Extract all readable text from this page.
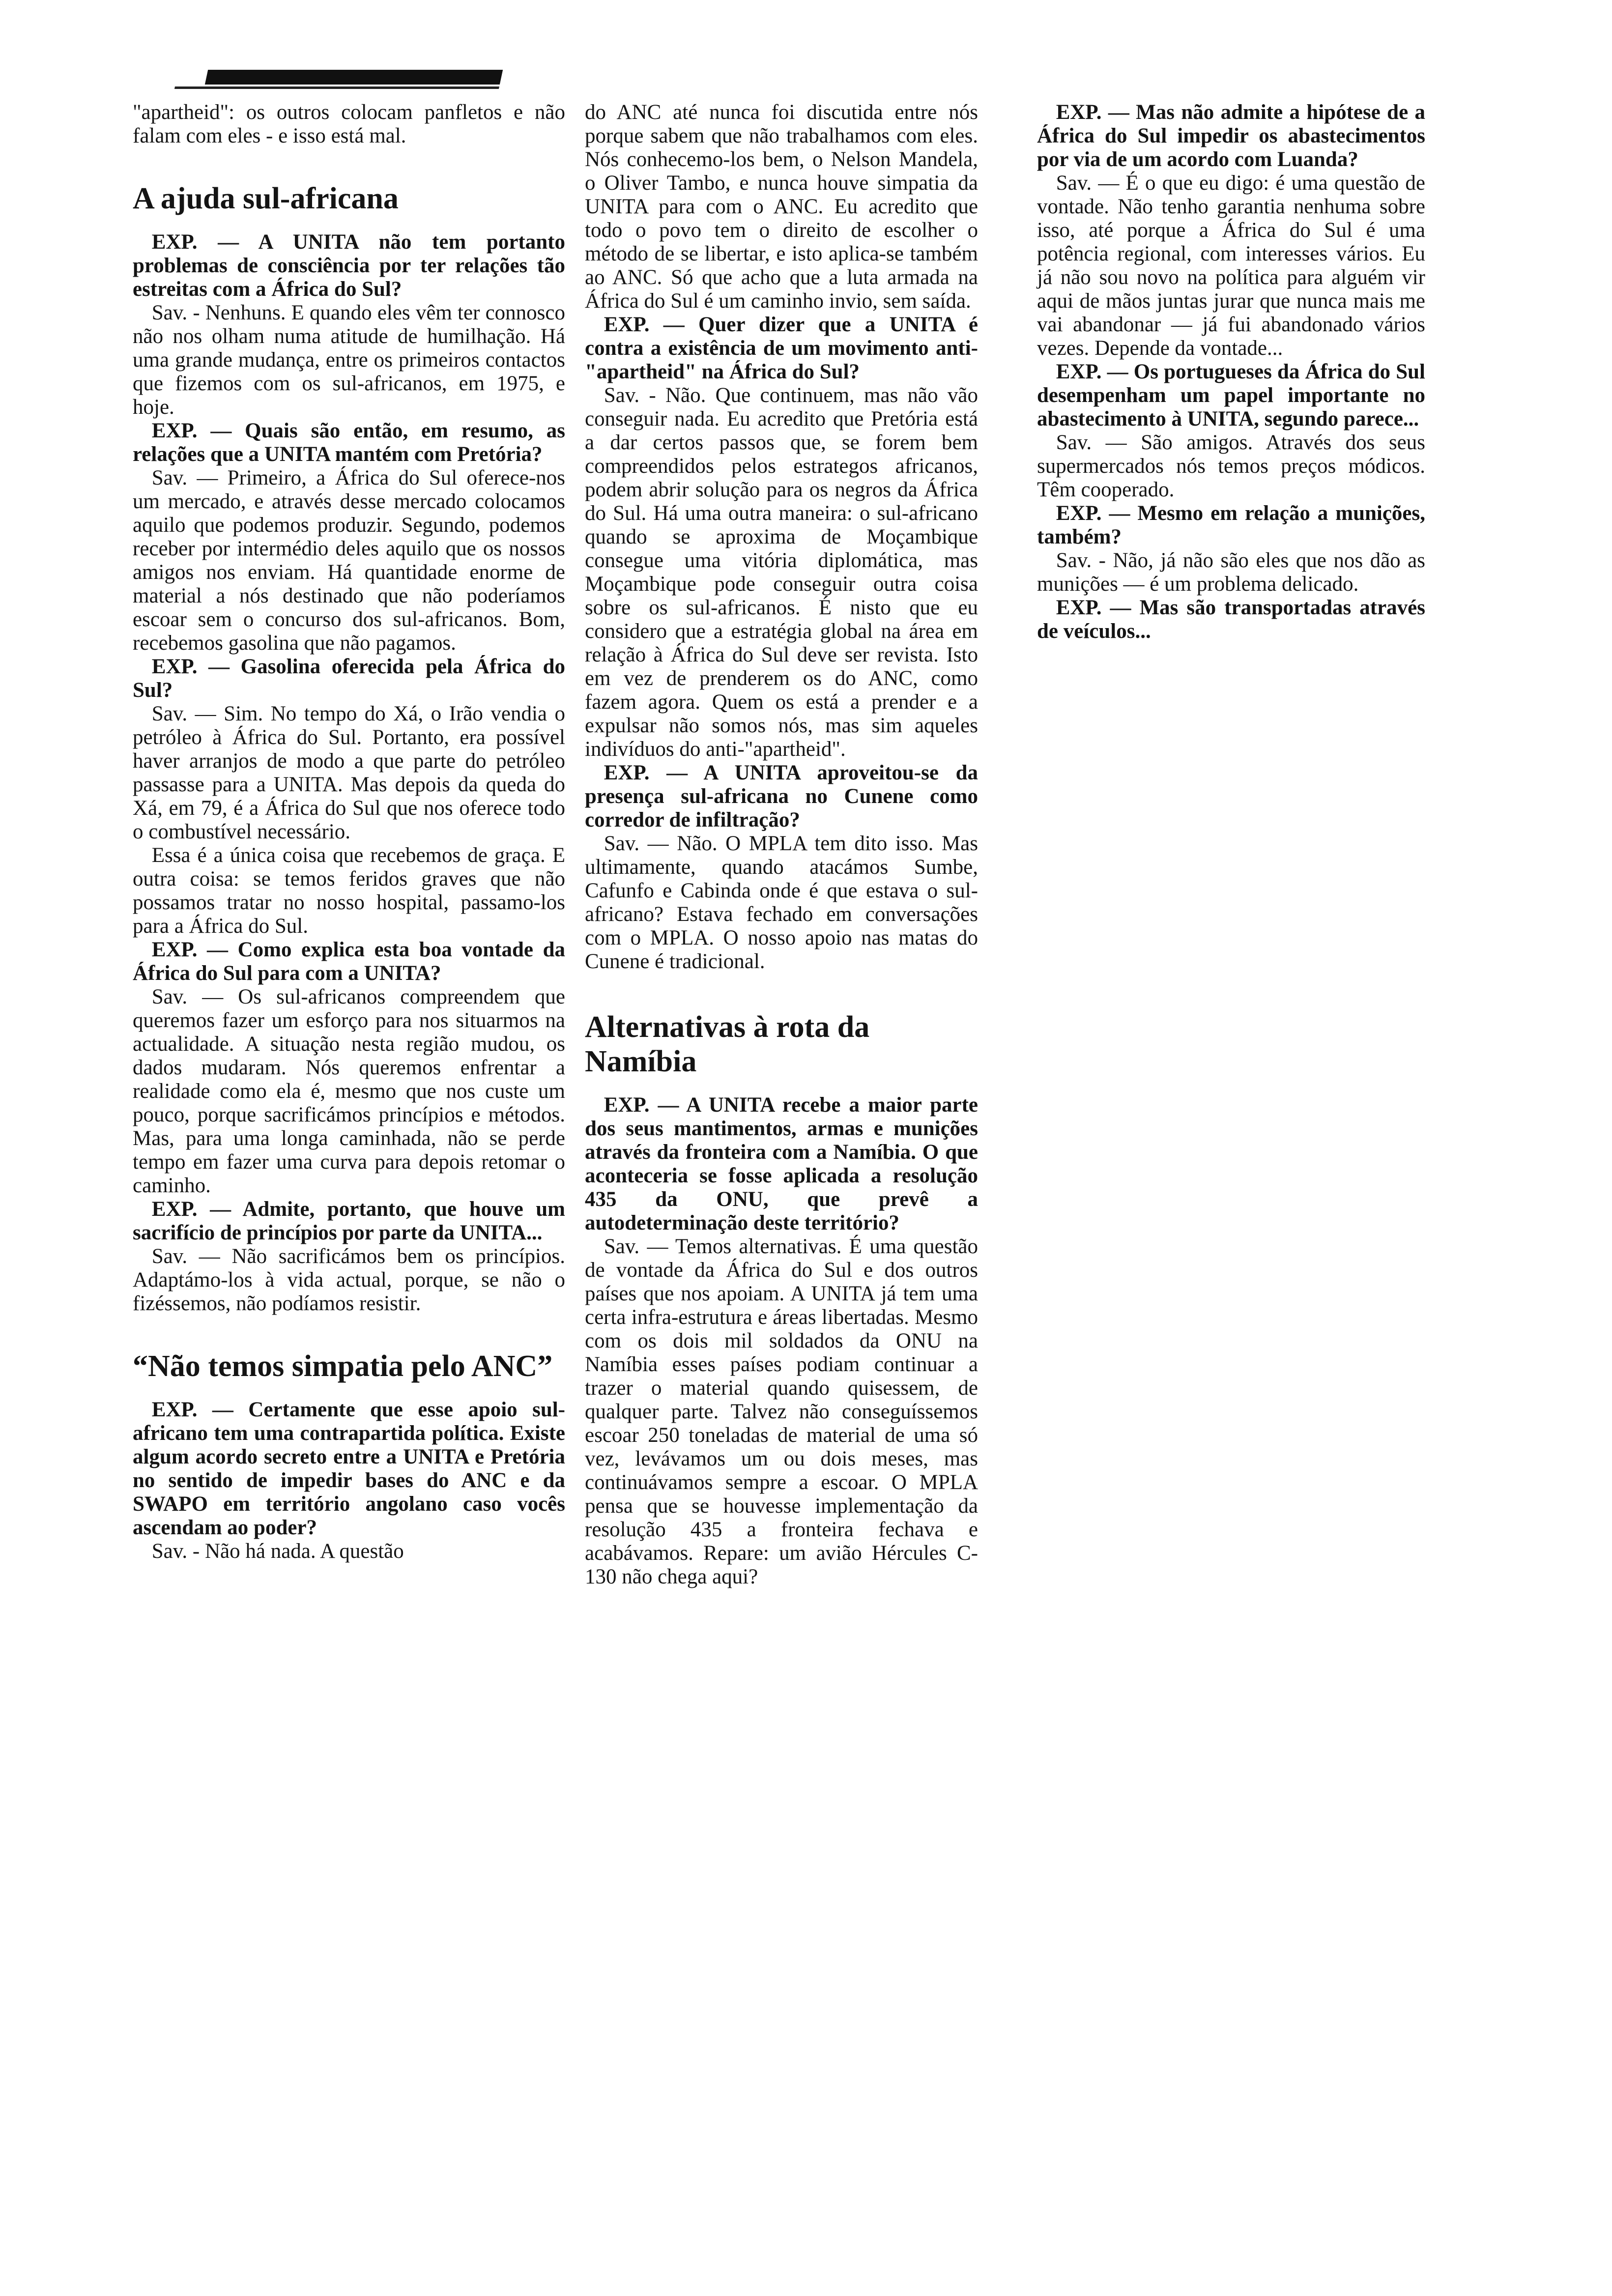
"apartheid": os outros colocam panfletos e não falam com eles - e isso está mal.

A ajuda sul-africana

EXP. — A UNITA não tem portanto problemas de consciência por ter relações tão estreitas com a África do Sul?

Sav. - Nenhuns. E quando eles vêm ter connosco não nos olham numa atitude de humilhação. Há uma grande mudança, entre os primeiros contactos que fizemos com os sul-africanos, em 1975, e hoje.

EXP. — Quais são então, em resumo, as relações que a UNITA mantém com Pretória?

Sav. — Primeiro, a África do Sul oferece-nos um mercado, e através desse mercado colocamos aquilo que podemos produzir. Segundo, podemos receber por intermédio deles aquilo que os nossos amigos nos enviam. Há quantidade enorme de material a nós destinado que não poderíamos escoar sem o concurso dos sul-africanos. Bom, recebemos gasolina que não pagamos.

EXP. — Gasolina oferecida pela África do Sul?

Sav. — Sim. No tempo do Xá, o Irão vendia o petróleo à África do Sul. Portanto, era possível haver arranjos de modo a que parte do petróleo passasse para a UNITA. Mas depois da queda do Xá, em 79, é a África do Sul que nos oferece todo o combustível necessário.

Essa é a única coisa que recebemos de graça. E outra coisa: se temos feridos graves que não possamos tratar no nosso hospital, passamo-los para a África do Sul.

EXP. — Como explica esta boa vontade da África do Sul para com a UNITA?

Sav. — Os sul-africanos compreendem que queremos fazer um esforço para nos situarmos na actualidade. A situação nesta região mudou, os dados mudaram. Nós queremos enfrentar a realidade como ela é, mesmo que nos custe um pouco, porque sacrificámos princípios e métodos. Mas, para uma longa caminhada, não se perde tempo em fazer uma curva para depois retomar o caminho.

EXP. — Admite, portanto, que houve um sacrifício de princípios por parte da UNITA...

Sav. — Não sacrificámos bem os princípios. Adaptámo-los à vida actual, porque, se não o fizéssemos, não podíamos resistir.

“Não temos simpatia pelo ANC”

EXP. — Certamente que esse apoio sul-africano tem uma contrapartida política. Existe algum acordo secreto entre a UNITA e Pretória no sentido de impedir bases do ANC e da SWAPO em território angolano caso vocês ascendam ao poder?

Sav. - Não há nada. A questão

do ANC até nunca foi discutida entre nós porque sabem que não trabalhamos com eles. Nós conhecemo-los bem, o Nelson Mandela, o Oliver Tambo, e nunca houve simpatia da UNITA para com o ANC. Eu acredito que todo o povo tem o direito de escolher o método de se libertar, e isto aplica-se também ao ANC. Só que acho que a luta armada na África do Sul é um caminho invio, sem saída.

EXP. — Quer dizer que a UNITA é contra a existência de um movimento anti-"apartheid" na África do Sul?

Sav. - Não. Que continuem, mas não vão conseguir nada. Eu acredito que Pretória está a dar certos passos que, se forem bem compreendidos pelos estrategos africanos, podem abrir solução para os negros da África do Sul. Há uma outra maneira: o sul-africano quando se aproxima de Moçambique consegue uma vitória diplomática, mas Moçambique pode conseguir outra coisa sobre os sul-africanos. É nisto que eu considero que a estratégia global na área em relação à África do Sul deve ser revista. Isto em vez de prenderem os do ANC, como fazem agora. Quem os está a prender e a expulsar não somos nós, mas sim aqueles indivíduos do anti-"apartheid".

EXP. — A UNITA aproveitou-se da presença sul-africana no Cunene como corredor de infiltração?

Sav. — Não. O MPLA tem dito isso. Mas ultimamente, quando atacámos Sumbe, Cafunfo e Cabinda onde é que estava o sul-africano? Estava fechado em conversações com o MPLA. O nosso apoio nas matas do Cunene é tradicional.

Alternativas à rota da Namíbia

EXP. — A UNITA recebe a maior parte dos seus mantimentos, armas e munições através da fronteira com a Namíbia. O que aconteceria se fosse aplicada a resolução 435 da ONU, que prevê a autodeterminação deste território?

Sav. — Temos alternativas. É uma questão de vontade da África do Sul e dos outros países que nos apoiam. A UNITA já tem uma certa infra-estrutura e áreas libertadas. Mesmo com os dois mil soldados da ONU na Namíbia esses países podiam continuar a trazer o material quando quisessem, de qualquer parte. Talvez não conseguíssemos escoar 250 toneladas de material de uma só vez, levávamos um ou dois meses, mas continuávamos sempre a escoar. O MPLA pensa que se houvesse implementação da resolução 435 a fronteira fechava e acabávamos. Repare: um avião Hércules C-130 não chega aqui?

EXP. — Mas não admite a hipótese de a África do Sul impedir os abastecimentos por via de um acordo com Luanda?

Sav. — É o que eu digo: é uma questão de vontade. Não tenho garantia nenhuma sobre isso, até porque a África do Sul é uma potência regional, com interesses vários. Eu já não sou novo na política para alguém vir aqui de mãos juntas jurar que nunca mais me vai abandonar — já fui abandonado vários vezes. Depende da vontade...

EXP. — Os portugueses da África do Sul desempenham um papel importante no abastecimento à UNITA, segundo parece...

Sav. — São amigos. Através dos seus supermercados nós temos preços módicos. Têm cooperado.

EXP. — Mesmo em relação a munições, também?

Sav. - Não, já não são eles que nos dão as munições — é um problema delicado.

EXP. — Mas são transportadas através de veículos...
